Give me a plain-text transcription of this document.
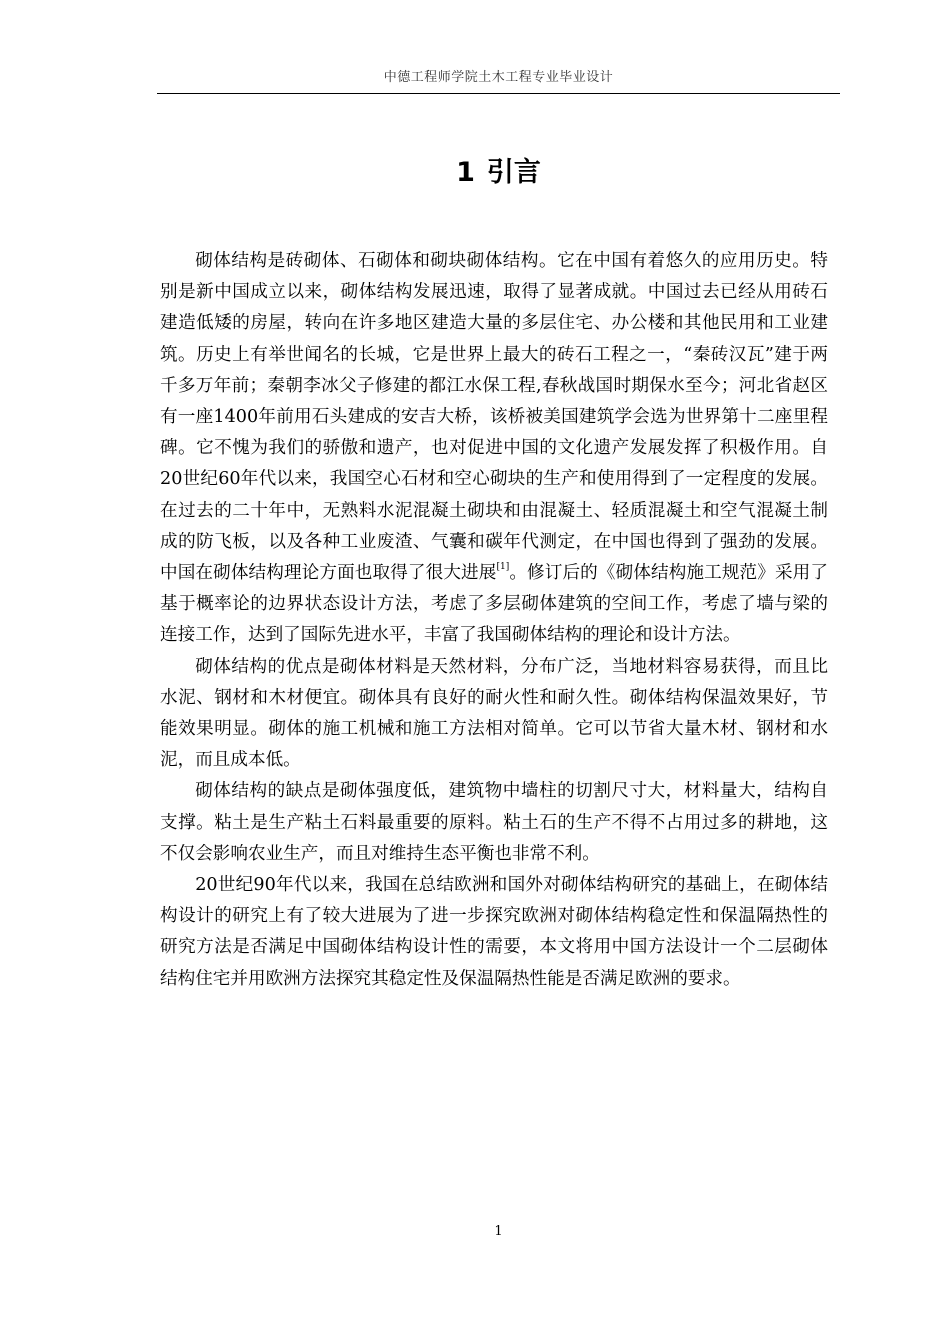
中德工程师学院土木工程专业毕业设计
1 引言

砌体结构是砖砌体、石砌体和砌块砌体结构。它在中国有着悠久的应用历史。特别是新中国成立以来，砌体结构发展迅速，取得了显著成就。中国过去已经从用砖石建造低矮的房屋，转向在许多地区建造大量的多层住宅、办公楼和其他民用和工业建筑。历史上有举世闻名的长城，它是世界上最大的砖石工程之一，“秦砖汉瓦”建于两千多万年前；秦朝李冰父子修建的都江水保工程,春秋战国时期保水至今；河北省赵区有一座1400年前用石头建成的安吉大桥，该桥被美国建筑学会选为世界第十二座里程碑。它不愧为我们的骄傲和遗产，也对促进中国的文化遗产发展发挥了积极作用。自20世纪60年代以来，我国空心石材和空心砌块的生产和使用得到了一定程度的发展。在过去的二十年中，无熟料水泥混凝土砌块和由混凝土、轻质混凝土和空气混凝土制成的防飞板，以及各种工业废渣、气囊和碳年代测定，在中国也得到了强劲的发展。中国在砌体结构理论方面也取得了很大进展[1]。修订后的《砌体结构施工规范》采用了基于概率论的边界状态设计方法，考虑了多层砌体建筑的空间工作，考虑了墙与梁的连接工作，达到了国际先进水平，丰富了我国砌体结构的理论和设计方法。

砌体结构的优点是砌体材料是天然材料，分布广泛，当地材料容易获得，而且比水泥、钢材和木材便宜。砌体具有良好的耐火性和耐久性。砌体结构保温效果好，节能效果明显。砌体的施工机械和施工方法相对简单。它可以节省大量木材、钢材和水泥，而且成本低。

砌体结构的缺点是砌体强度低，建筑物中墙柱的切割尺寸大，材料量大，结构自支撑。粘土是生产粘土石料最重要的原料。粘土石的生产不得不占用过多的耕地，这不仅会影响农业生产，而且对维持生态平衡也非常不利。

20世纪90年代以来，我国在总结欧洲和国外对砌体结构研究的基础上，在砌体结构设计的研究上有了较大进展为了进一步探究欧洲对砌体结构稳定性和保温隔热性的研究方法是否满足中国砌体结构设计性的需要，本文将用中国方法设计一个二层砌体结构住宅并用欧洲方法探究其稳定性及保温隔热性能是否满足欧洲的要求。

1
